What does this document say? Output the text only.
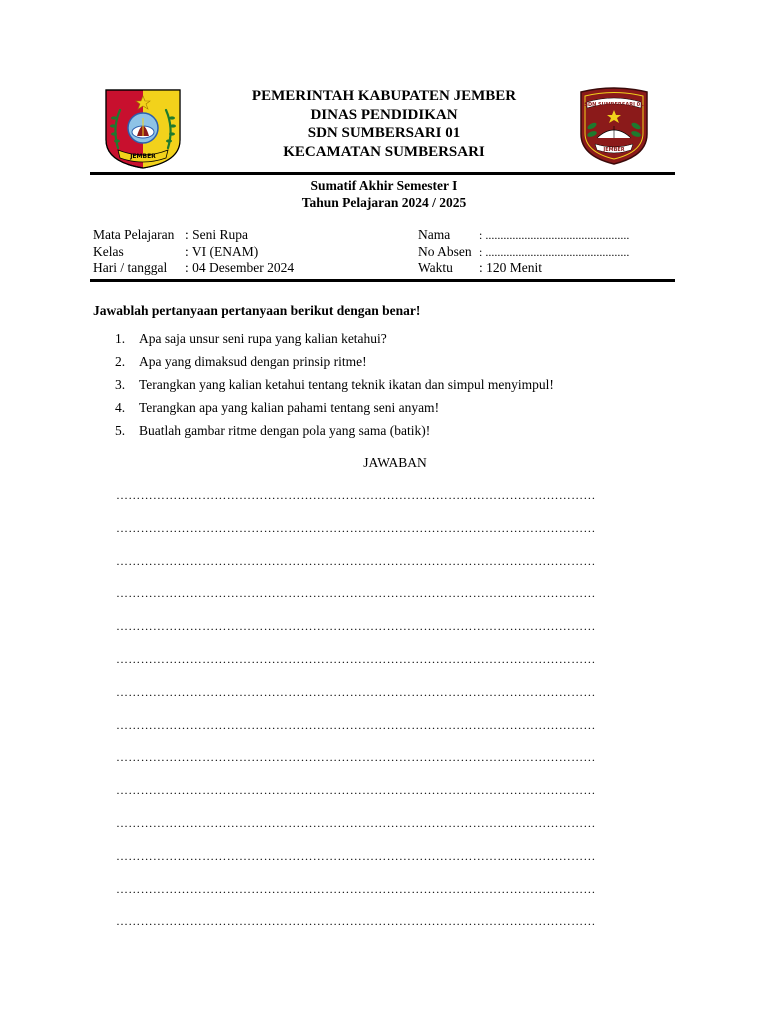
JEMBER
PEMERINTAH KABUPATEN JEMBER
DINAS PENDIDIKAN
SDN SUMBERSARI 01
KECAMATAN SUMBERSARI
SDN SUMBERSARI 01
JEMBER
Sumatif Akhir Semester I
Tahun Pelajaran 2024 / 2025
Mata Pelajaran : Seni Rupa
Kelas	: VI (ENAM)
Hari / tanggal	: 04 Desember 2024
Nama	: ................................................
No Absen : ................................................
Waktu	: 120 Menit
Jawablah pertanyaan pertanyaan berikut dengan benar!
1.	Apa saja unsur seni rupa yang kalian ketahui?
2.	Apa yang dimaksud dengan prinsip ritme!
3.	Terangkan yang kalian ketahui tentang teknik ikatan dan simpul menyimpul!
4.	Terangkan apa yang kalian pahami tentang seni anyam!
5.	Buatlah gambar ritme dengan pola yang sama (batik)!
JAWABAN
………………………………………………………………………………………………………
………………………………………………………………………………………………………
………………………………………………………………………………………………………
………………………………………………………………………………………………………
………………………………………………………………………………………………………
………………………………………………………………………………………………………
………………………………………………………………………………………………………
………………………………………………………………………………………………………
………………………………………………………………………………………………………
………………………………………………………………………………………………………
………………………………………………………………………………………………………
………………………………………………………………………………………………………
………………………………………………………………………………………………………
………………………………………………………………………………………………………
